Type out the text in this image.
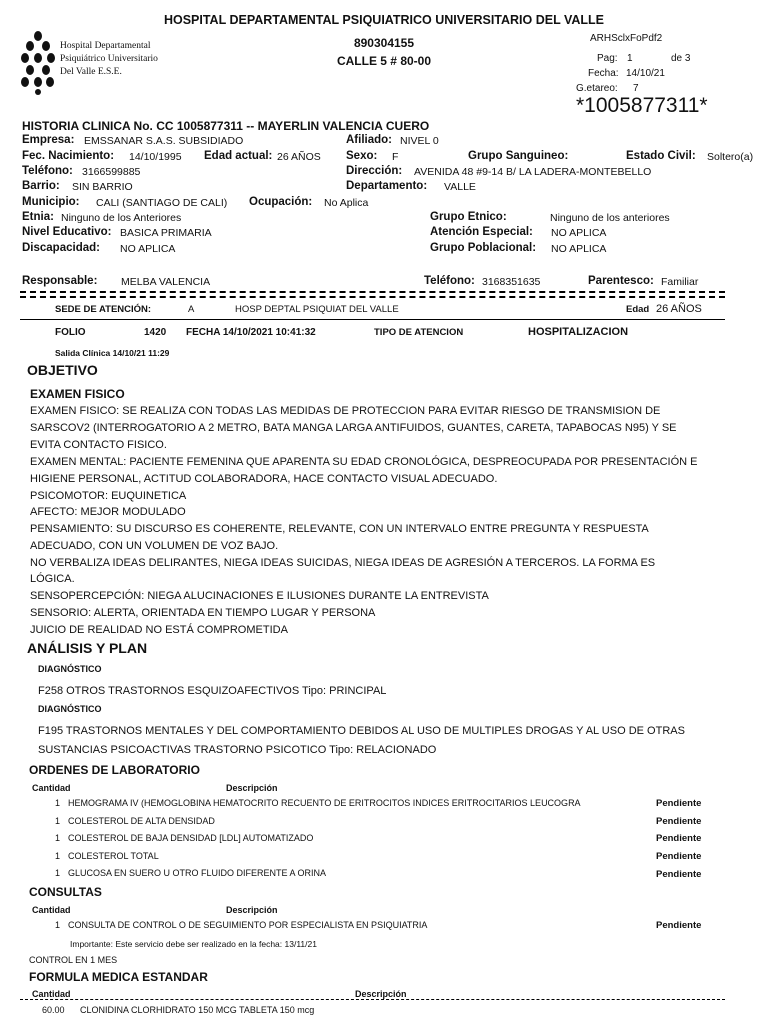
HOSPITAL DEPARTAMENTAL PSIQUIATRICO UNIVERSITARIO DEL VALLE
890304155
CALLE 5 # 80-00
Hospital Departamental
Psiquiátrico Universitario
Del Valle E.S.E.
ARHSclxFoPdf2
Pag: 1	de 3
Fecha: 14/10/21
G.etareo: 7
*1005877311*
HISTORIA CLINICA No. CC 1005877311 -- MAYERLIN VALENCIA CUERO
Empresa: EMSSANAR S.A.S. SUBSIDIADO	Afiliado: NIVEL 0
Fec. Nacimiento: 14/10/1995 Edad actual: 26 AÑOS Sexo: F	Grupo Sanguineo:	Estado Civil: Soltero(a)
Teléfono: 3166599885	Dirección: AVENIDA 48 #9-14 B/ LA LADERA-MONTEBELLO
Barrio: SIN BARRIO	Departamento: VALLE
Municipio: CALI (SANTIAGO DE CALI) Ocupación: No Aplica
Etnia: Ninguno de los Anteriores	Grupo Etnico:	Ninguno de los anteriores
Nivel Educativo: BASICA PRIMARIA	Atención Especial: NO APLICA
Discapacidad: NO APLICA	Grupo Poblacional: NO APLICA
Responsable: MELBA VALENCIA	Teléfono: 3168351635	Parentesco: Familiar
SEDE DE ATENCIÓN:	A	HOSP DEPTAL PSIQUIAT DEL VALLE	Edad 26 AÑOS
FOLIO	1420 FECHA 14/10/2021 10:41:32	TIPO DE ATENCION	HOSPITALIZACION
Salida Clínica 14/10/21 11:29
OBJETIVO
EXAMEN FISICO
EXAMEN FISICO: SE REALIZA CON TODAS LAS MEDIDAS DE PROTECCION PARA EVITAR RIESGO DE TRANSMISION DE
SARSCOV2 (INTERROGATORIO A 2 METRO, BATA MANGA LARGA ANTIFUIDOS, GUANTES, CARETA, TAPABOCAS N95) Y SE
EVITA CONTACTO FISICO.
EXAMEN MENTAL: PACIENTE FEMENINA QUE APARENTA SU EDAD CRONOLÓGICA, DESPREOCUPADA POR PRESENTACIÓN E
HIGIENE PERSONAL, ACTITUD COLABORADORA, HACE CONTACTO VISUAL ADECUADO.
PSICOMOTOR: EUQUINETICA
AFECTO: MEJOR MODULADO
PENSAMIENTO: SU DISCURSO ES COHERENTE, RELEVANTE, CON UN INTERVALO ENTRE PREGUNTA Y RESPUESTA
ADECUADO, CON UN VOLUMEN DE VOZ BAJO.
NO VERBALIZA IDEAS DELIRANTES, NIEGA IDEAS SUICIDAS, NIEGA IDEAS DE AGRESIÓN A TERCEROS. LA FORMA ES
LÓGICA.
SENSOPERCEPCIÓN: NIEGA ALUCINACIONES E ILUSIONES DURANTE LA ENTREVISTA
SENSORIO: ALERTA, ORIENTADA EN TIEMPO LUGAR Y PERSONA
JUICIO DE REALIDAD NO ESTÁ COMPROMETIDA
ANÁLISIS Y PLAN
DIAGNÓSTICO
F258 OTROS TRASTORNOS ESQUIZOAFECTIVOS Tipo: PRINCIPAL
DIAGNÓSTICO
F195 TRASTORNOS MENTALES Y DEL COMPORTAMIENTO DEBIDOS AL USO DE MULTIPLES DROGAS Y AL USO DE OTRAS
SUSTANCIAS PSICOACTIVAS TRASTORNO PSICOTICO Tipo: RELACIONADO
ORDENES DE LABORATORIO
Cantidad	Descripción
1 HEMOGRAMA IV (HEMOGLOBINA HEMATOCRITO RECUENTO DE ERITROCITOS INDICES ERITROCITARIOS LEUCOGRA	Pendiente
1 COLESTEROL DE ALTA DENSIDAD	Pendiente
1 COLESTEROL DE BAJA DENSIDAD [LDL] AUTOMATIZADO	Pendiente
1 COLESTEROL TOTAL	Pendiente
1 GLUCOSA EN SUERO U OTRO FLUIDO DIFERENTE A ORINA	Pendiente
CONSULTAS
Cantidad	Descripción
1 CONSULTA DE CONTROL O DE SEGUIMIENTO POR ESPECIALISTA EN PSIQUIATRIA	Pendiente
Importante: Este servicio debe ser realizado en la fecha: 13/11/21
CONTROL EN 1 MES
FORMULA MEDICA ESTANDAR
Cantidad	Descripción
60.00 CLONIDINA CLORHIDRATO 150 MCG TABLETA 150 mcg
